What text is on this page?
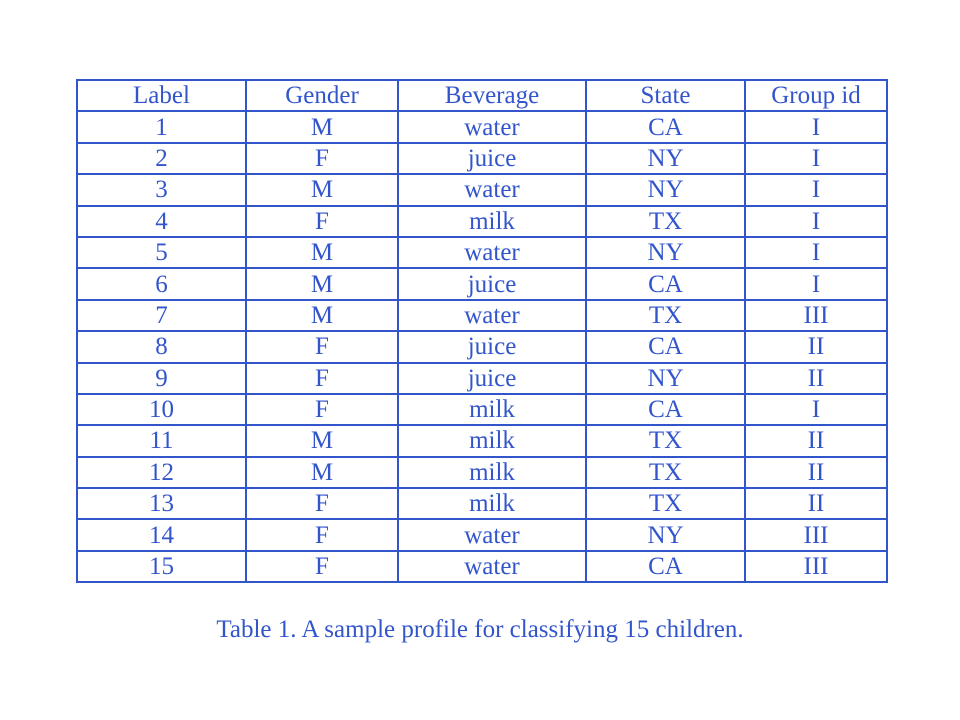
Label	Gender	Beverage	State	Group id
1	M	water	CA	I
2	F	juice	NY	I
3	M	water	NY	I
4	F	milk	TX	I
5	M	water	NY	I
6	M	juice	CA	I
7	M	water	TX	III
8	F	juice	CA	II
9	F	juice	NY	II
10	F	milk	CA	I
11	M	milk	TX	II
12	M	milk	TX	II
13	F	milk	TX	II
14	F	water	NY	III
15	F	water	CA	III
Table 1. A sample profile for classifying 15 children.
